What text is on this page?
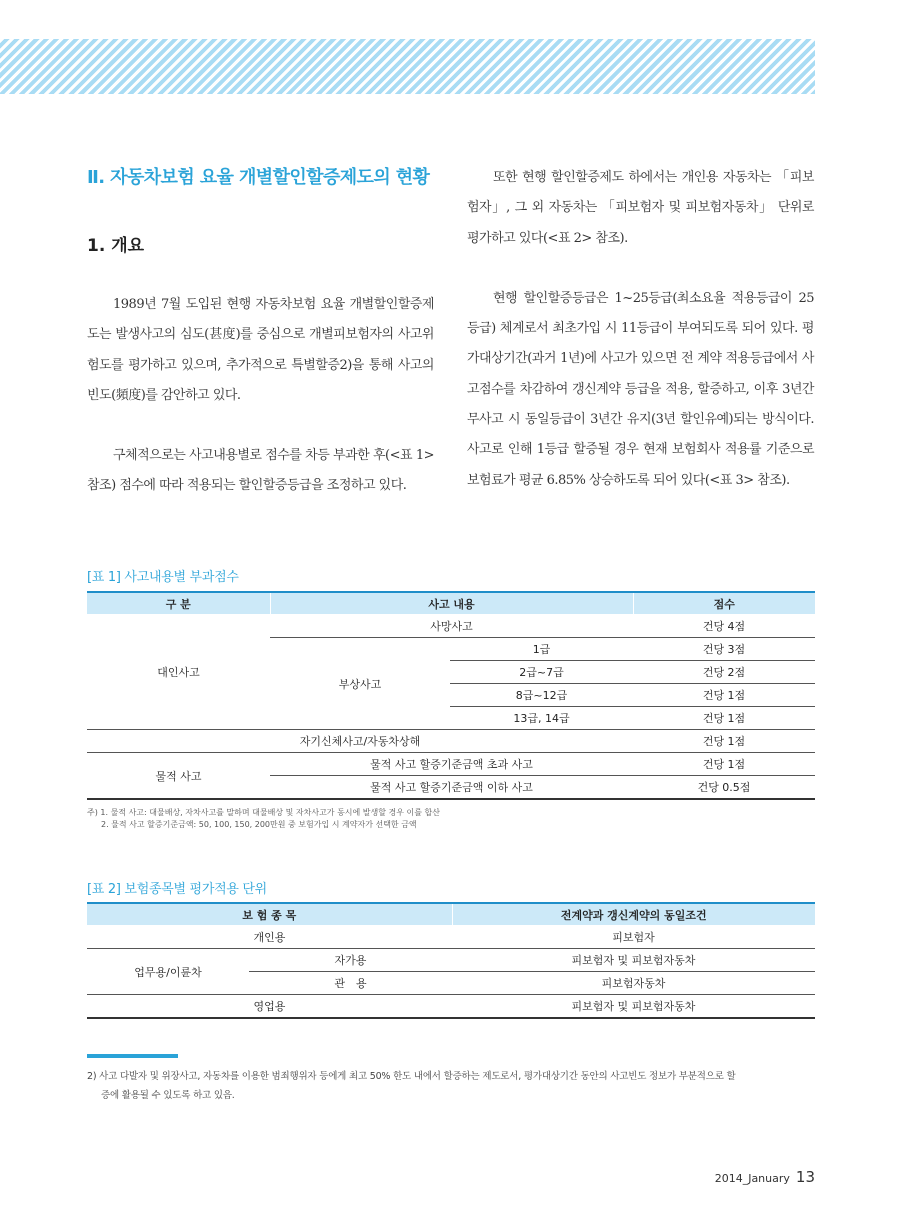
Ⅱ. 자동차보험 요율 개별할인할증제도의 현황
1. 개요

1989년 7월 도입된 현행 자동차보험 요율 개별할인할증제도는 발생사고의 심도(甚度)를 중심으로 개별피보험자의 사고위험도를 평가하고 있으며, 추가적으로 특별할증2)을 통해 사고의 빈도(頻度)를 감안하고 있다.

구체적으로는 사고내용별로 점수를 차등 부과한 후(<표 1> 참조) 점수에 따라 적용되는 할인할증등급을 조정하고 있다.

또한 현행 할인할증제도 하에서는 개인용 자동차는 「피보험자」, 그 외 자동차는 「피보험자 및 피보험자동차」 단위로 평가하고 있다(<표 2> 참조).

현행 할인할증등급은 1~25등급(최소요율 적용등급이 25등급) 체계로서 최초가입 시 11등급이 부여되도록 되어 있다. 평가대상기간(과거 1년)에 사고가 있으면 전 계약 적용등급에서 사고점수를 차감하여 갱신계약 등급을 적용, 할증하고, 이후 3년간 무사고 시 동일등급이 3년간 유지(3년 할인유예)되는 방식이다. 사고로 인해 1등급 할증될 경우 현재 보험회사 적용률 기준으로 보험료가 평균 6.85% 상승하도록 되어 있다(<표 3> 참조).

[표 1] 사고내용별 부과점수
구 분	사고 내용		점수
대인사고	사망사고		건당 4점
	부상사고	1급	건당 3점
		2급~7급	건당 2점
		8급~12급	건당 1점
		13급, 14급	건당 1점
자기신체사고/자동차상해			건당 1점
물적 사고	물적 사고 할증기준금액 초과 사고		건당 1점
	물적 사고 할증기준금액 이하 사고		건당 0.5점
주) 1. 물적 사고: 대물배상, 자차사고를 말하며 대물배상 및 자차사고가 동시에 발생할 경우 이를 합산
2. 물적 사고 할증기준금액: 50, 100, 150, 200만원 중 보험가입 시 계약자가 선택한 금액
[표 2] 보험종목별 평가적용 단위
보 험 종 목		전계약과 갱신계약의 동일조건
개인용		피보험자
업무용/이륜차	자가용	피보험자 및 피보험자동차
	관　용	피보험자동차
영업용		피보험자 및 피보험자동차
2) 사고 다발자 및 위장사고, 자동차를 이용한 범죄행위자 등에게 최고 50% 한도 내에서 할증하는 제도로서, 평가대상기간 동안의 사고빈도 정보가 부분적으로 할
증에 활용될 수 있도록 하고 있음.
2014_January 13
